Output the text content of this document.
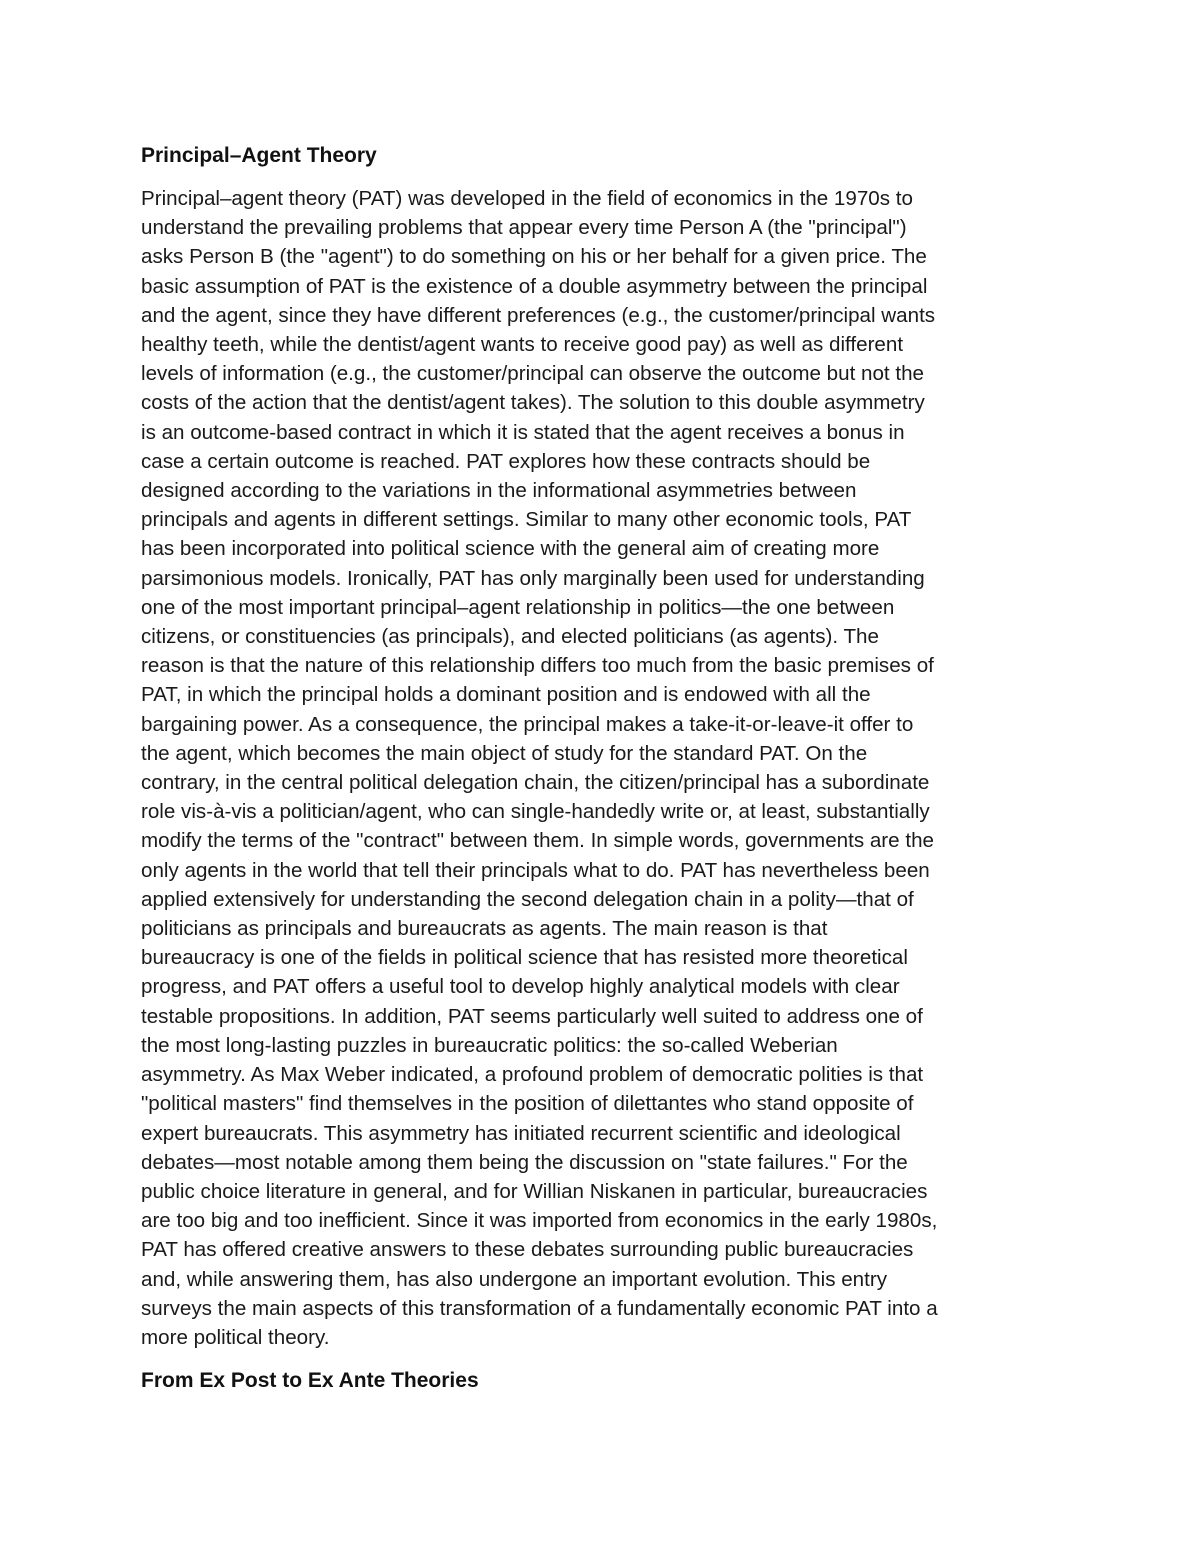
Principal–Agent Theory

Principal–agent theory (PAT) was developed in the field of economics in the 1970s to
understand the prevailing problems that appear every time Person A (the "principal")
asks Person B (the "agent") to do something on his or her behalf for a given price. The
basic assumption of PAT is the existence of a double asymmetry between the principal
and the agent, since they have different preferences (e.g., the customer/principal wants
healthy teeth, while the dentist/agent wants to receive good pay) as well as different
levels of information (e.g., the customer/principal can observe the outcome but not the
costs of the action that the dentist/agent takes). The solution to this double asymmetry
is an outcome-based contract in which it is stated that the agent receives a bonus in
case a certain outcome is reached. PAT explores how these contracts should be
designed according to the variations in the informational asymmetries between
principals and agents in different settings. Similar to many other economic tools, PAT
has been incorporated into political science with the general aim of creating more
parsimonious models. Ironically, PAT has only marginally been used for understanding
one of the most important principal–agent relationship in politics—the one between
citizens, or constituencies (as principals), and elected politicians (as agents). The
reason is that the nature of this relationship differs too much from the basic premises of
PAT, in which the principal holds a dominant position and is endowed with all the
bargaining power. As a consequence, the principal makes a take-it-or-leave-it offer to
the agent, which becomes the main object of study for the standard PAT. On the
contrary, in the central political delegation chain, the citizen/principal has a subordinate
role vis-à-vis a politician/agent, who can single-handedly write or, at least, substantially
modify the terms of the "contract" between them. In simple words, governments are the
only agents in the world that tell their principals what to do. PAT has nevertheless been
applied extensively for understanding the second delegation chain in a polity—that of
politicians as principals and bureaucrats as agents. The main reason is that
bureaucracy is one of the fields in political science that has resisted more theoretical
progress, and PAT offers a useful tool to develop highly analytical models with clear
testable propositions. In addition, PAT seems particularly well suited to address one of
the most long-lasting puzzles in bureaucratic politics: the so-called Weberian
asymmetry. As Max Weber indicated, a profound problem of democratic polities is that
"political masters" find themselves in the position of dilettantes who stand opposite of
expert bureaucrats. This asymmetry has initiated recurrent scientific and ideological
debates—most notable among them being the discussion on "state failures." For the
public choice literature in general, and for Willian Niskanen in particular, bureaucracies
are too big and too inefficient. Since it was imported from economics in the early 1980s,
PAT has offered creative answers to these debates surrounding public bureaucracies
and, while answering them, has also undergone an important evolution. This entry
surveys the main aspects of this transformation of a fundamentally economic PAT into a
more political theory.

From Ex Post to Ex Ante Theories
